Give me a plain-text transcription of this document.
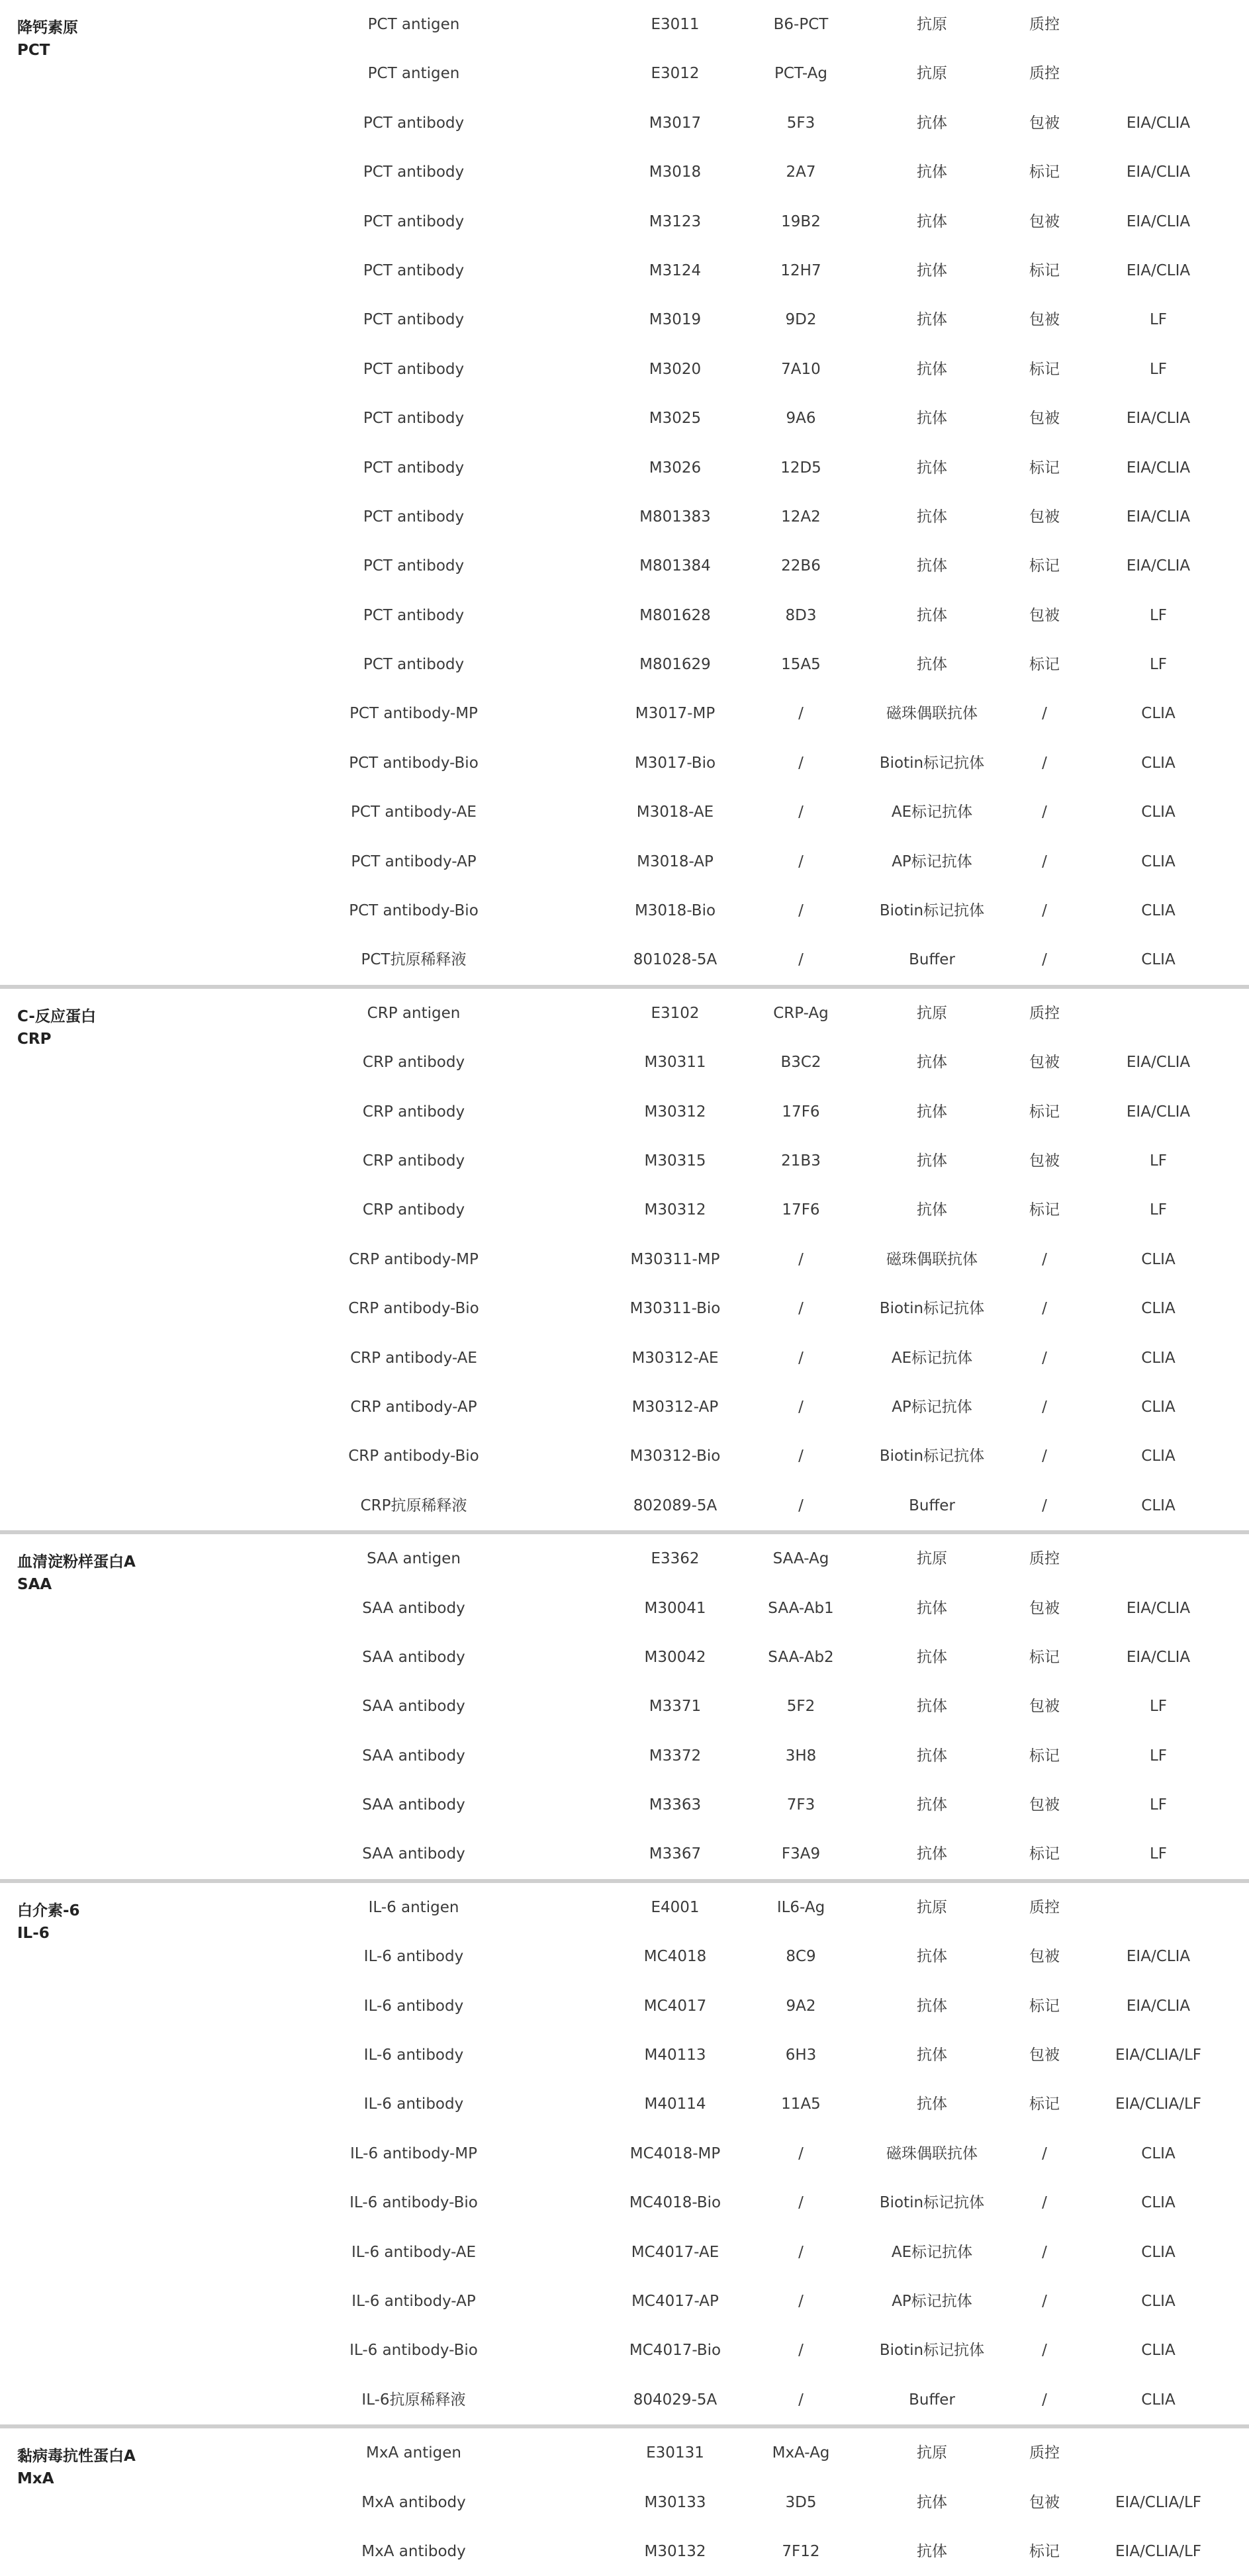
降钙素原
PCT
PCT antigen	E3011	B6-PCT	抗原	质控
PCT antigen	E3012	PCT-Ag	抗原	质控
PCT antibody	M3017	5F3	抗体	包被	EIA/CLIA
PCT antibody	M3018	2A7	抗体	标记	EIA/CLIA
PCT antibody	M3123	19B2	抗体	包被	EIA/CLIA
PCT antibody	M3124	12H7	抗体	标记	EIA/CLIA
PCT antibody	M3019	9D2	抗体	包被	LF
PCT antibody	M3020	7A10	抗体	标记	LF
PCT antibody	M3025	9A6	抗体	包被	EIA/CLIA
PCT antibody	M3026	12D5	抗体	标记	EIA/CLIA
PCT antibody	M801383	12A2	抗体	包被	EIA/CLIA
PCT antibody	M801384	22B6	抗体	标记	EIA/CLIA
PCT antibody	M801628	8D3	抗体	包被	LF
PCT antibody	M801629	15A5	抗体	标记	LF
PCT antibody-MP	M3017-MP	/	磁珠偶联抗体	/	CLIA
PCT antibody-Bio	M3017-Bio	/	Biotin标记抗体	/	CLIA
PCT antibody-AE	M3018-AE	/	AE标记抗体	/	CLIA
PCT antibody-AP	M3018-AP	/	AP标记抗体	/	CLIA
PCT antibody-Bio	M3018-Bio	/	Biotin标记抗体	/	CLIA
PCT抗原稀释液	801028-5A	/	Buffer	/	CLIA
C-反应蛋白
CRP
CRP antigen	E3102	CRP-Ag	抗原	质控
CRP antibody	M30311	B3C2	抗体	包被	EIA/CLIA
CRP antibody	M30312	17F6	抗体	标记	EIA/CLIA
CRP antibody	M30315	21B3	抗体	包被	LF
CRP antibody	M30312	17F6	抗体	标记	LF
CRP antibody-MP	M30311-MP	/	磁珠偶联抗体	/	CLIA
CRP antibody-Bio	M30311-Bio	/	Biotin标记抗体	/	CLIA
CRP antibody-AE	M30312-AE	/	AE标记抗体	/	CLIA
CRP antibody-AP	M30312-AP	/	AP标记抗体	/	CLIA
CRP antibody-Bio	M30312-Bio	/	Biotin标记抗体	/	CLIA
CRP抗原稀释液	802089-5A	/	Buffer	/	CLIA
血清淀粉样蛋白A
SAA
SAA antigen	E3362	SAA-Ag	抗原	质控
SAA antibody	M30041	SAA-Ab1	抗体	包被	EIA/CLIA
SAA antibody	M30042	SAA-Ab2	抗体	标记	EIA/CLIA
SAA antibody	M3371	5F2	抗体	包被	LF
SAA antibody	M3372	3H8	抗体	标记	LF
SAA antibody	M3363	7F3	抗体	包被	LF
SAA antibody	M3367	F3A9	抗体	标记	LF
白介素-6
IL-6
IL-6 antigen	E4001	IL6-Ag	抗原	质控
IL-6 antibody	MC4018	8C9	抗体	包被	EIA/CLIA
IL-6 antibody	MC4017	9A2	抗体	标记	EIA/CLIA
IL-6 antibody	M40113	6H3	抗体	包被	EIA/CLIA/LF
IL-6 antibody	M40114	11A5	抗体	标记	EIA/CLIA/LF
IL-6 antibody-MP	MC4018-MP	/	磁珠偶联抗体	/	CLIA
IL-6 antibody-Bio	MC4018-Bio	/	Biotin标记抗体	/	CLIA
IL-6 antibody-AE	MC4017-AE	/	AE标记抗体	/	CLIA
IL-6 antibody-AP	MC4017-AP	/	AP标记抗体	/	CLIA
IL-6 antibody-Bio	MC4017-Bio	/	Biotin标记抗体	/	CLIA
IL-6抗原稀释液	804029-5A	/	Buffer	/	CLIA
黏病毒抗性蛋白A
MxA
MxA antigen	E30131	MxA-Ag	抗原	质控
MxA antibody	M30133	3D5	抗体	包被	EIA/CLIA/LF
MxA antibody	M30132	7F12	抗体	标记	EIA/CLIA/LF
